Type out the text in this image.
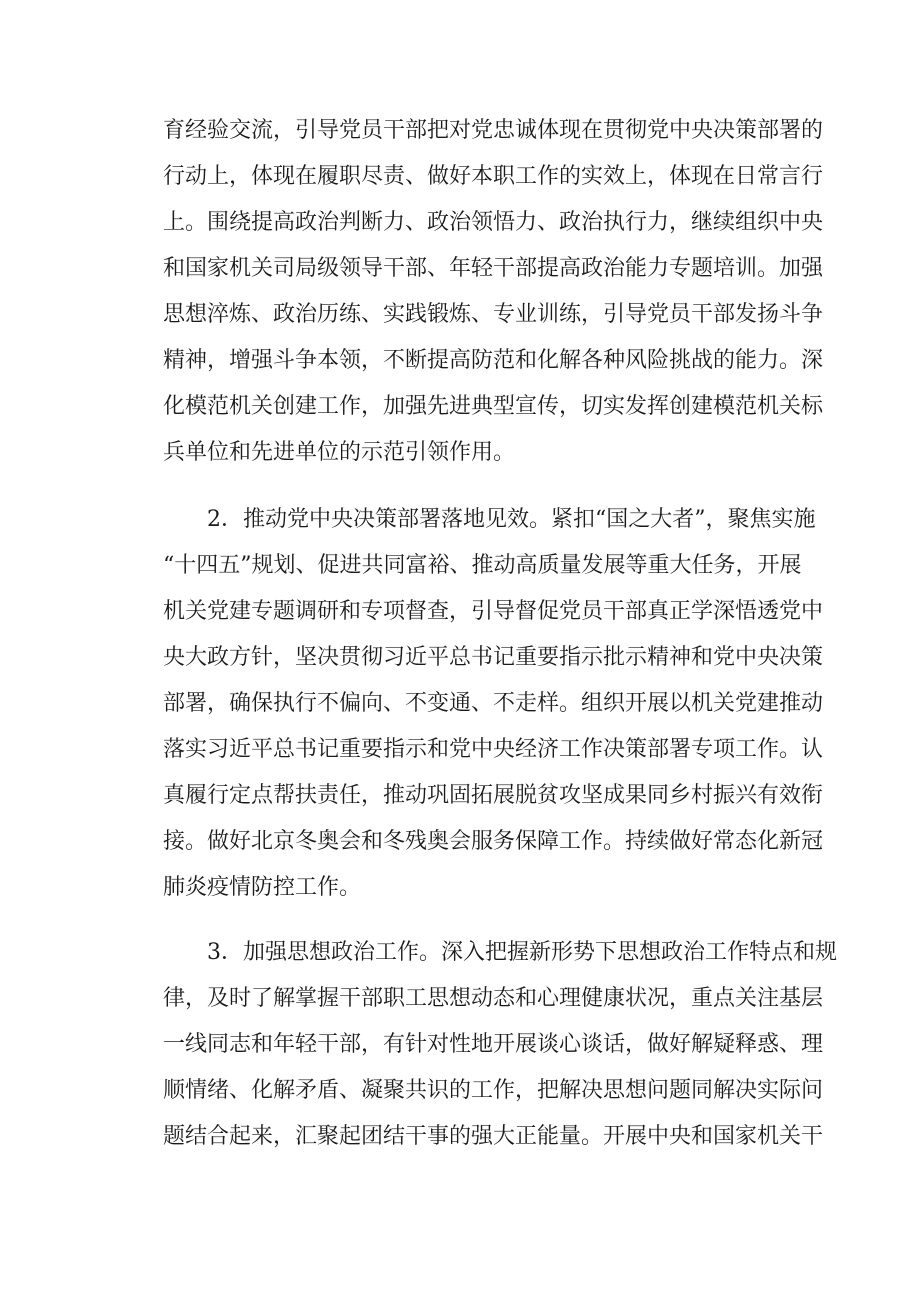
育经验交流，引导党员干部把对党忠诚体现在贯彻党中央决策部署的
行动上，体现在履职尽责、做好本职工作的实效上，体现在日常言行
上。围绕提高政治判断力、政治领悟力、政治执行力，继续组织中央
和国家机关司局级领导干部、年轻干部提高政治能力专题培训。加强
思想淬炼、政治历练、实践锻炼、专业训练，引导党员干部发扬斗争
精神，增强斗争本领，不断提高防范和化解各种风险挑战的能力。深
化模范机关创建工作，加强先进典型宣传，切实发挥创建模范机关标
兵单位和先进单位的示范引领作用。
2．推动党中央决策部署落地见效。紧扣“国之大者”，聚焦实施
“十四五”规划、促进共同富裕、推动高质量发展等重大任务，开展
机关党建专题调研和专项督查，引导督促党员干部真正学深悟透党中
央大政方针，坚决贯彻习近平总书记重要指示批示精神和党中央决策
部署，确保执行不偏向、不变通、不走样。组织开展以机关党建推动
落实习近平总书记重要指示和党中央经济工作决策部署专项工作。认
真履行定点帮扶责任，推动巩固拓展脱贫攻坚成果同乡村振兴有效衔
接。做好北京冬奥会和冬残奥会服务保障工作。持续做好常态化新冠
肺炎疫情防控工作。
3．加强思想政治工作。深入把握新形势下思想政治工作特点和规
律，及时了解掌握干部职工思想动态和心理健康状况，重点关注基层
一线同志和年轻干部，有针对性地开展谈心谈话，做好解疑释惑、理
顺情绪、化解矛盾、凝聚共识的工作，把解决思想问题同解决实际问
题结合起来，汇聚起团结干事的强大正能量。开展中央和国家机关干
